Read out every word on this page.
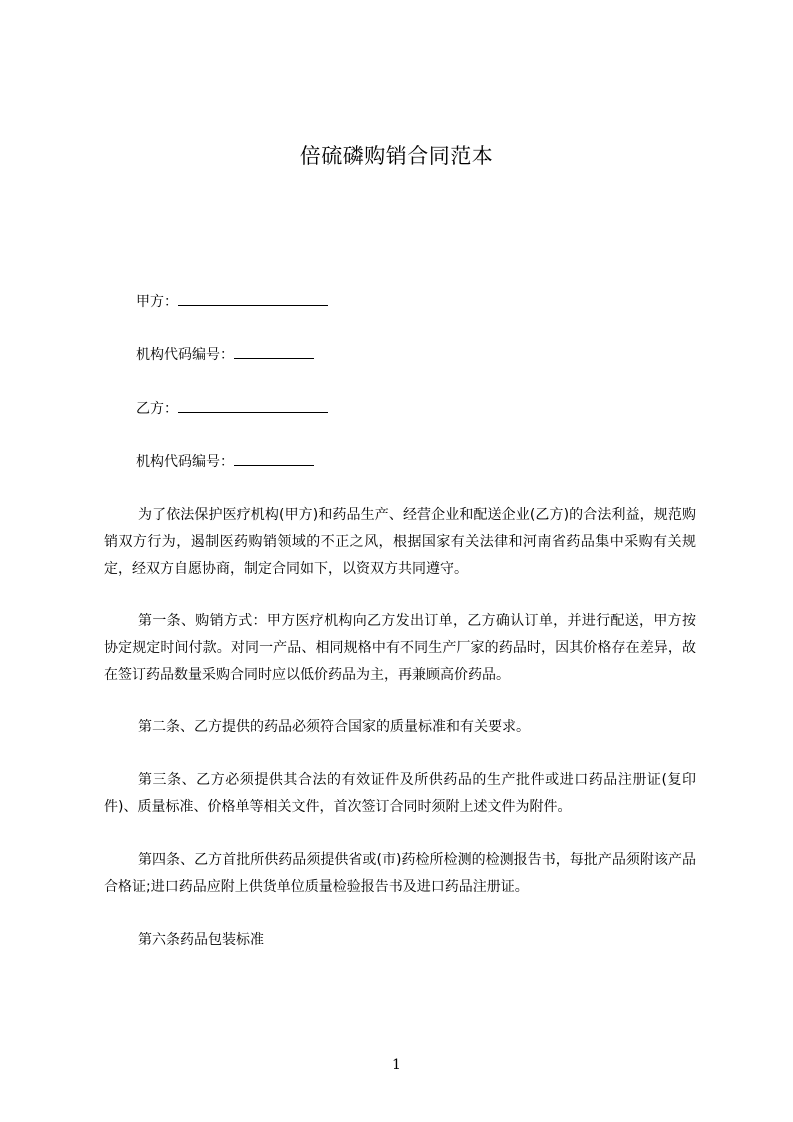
倍硫磷购销合同范本
甲方：
机构代码编号：
乙方：
机构代码编号：

为了依法保护医疗机构(甲方)和药品生产、经营企业和配送企业(乙方)的合法利益，规范购销双方行为，遏制医药购销领域的不正之风，根据国家有关法律和河南省药品集中采购有关规定，经双方自愿协商，制定合同如下，以资双方共同遵守。

第一条、购销方式：甲方医疗机构向乙方发出订单，乙方确认订单，并进行配送，甲方按协定规定时间付款。对同一产品、相同规格中有不同生产厂家的药品时，因其价格存在差异，故在签订药品数量采购合同时应以低价药品为主，再兼顾高价药品。

第二条、乙方提供的药品必须符合国家的质量标准和有关要求。

第三条、乙方必须提供其合法的有效证件及所供药品的生产批件或进口药品注册证(复印件)、质量标准、价格单等相关文件，首次签订合同时须附上述文件为附件。

第四条、乙方首批所供药品须提供省或(市)药检所检测的检测报告书，每批产品须附该产品合格证;进口药品应附上供货单位质量检验报告书及进口药品注册证。

第六条药品包装标准

1
